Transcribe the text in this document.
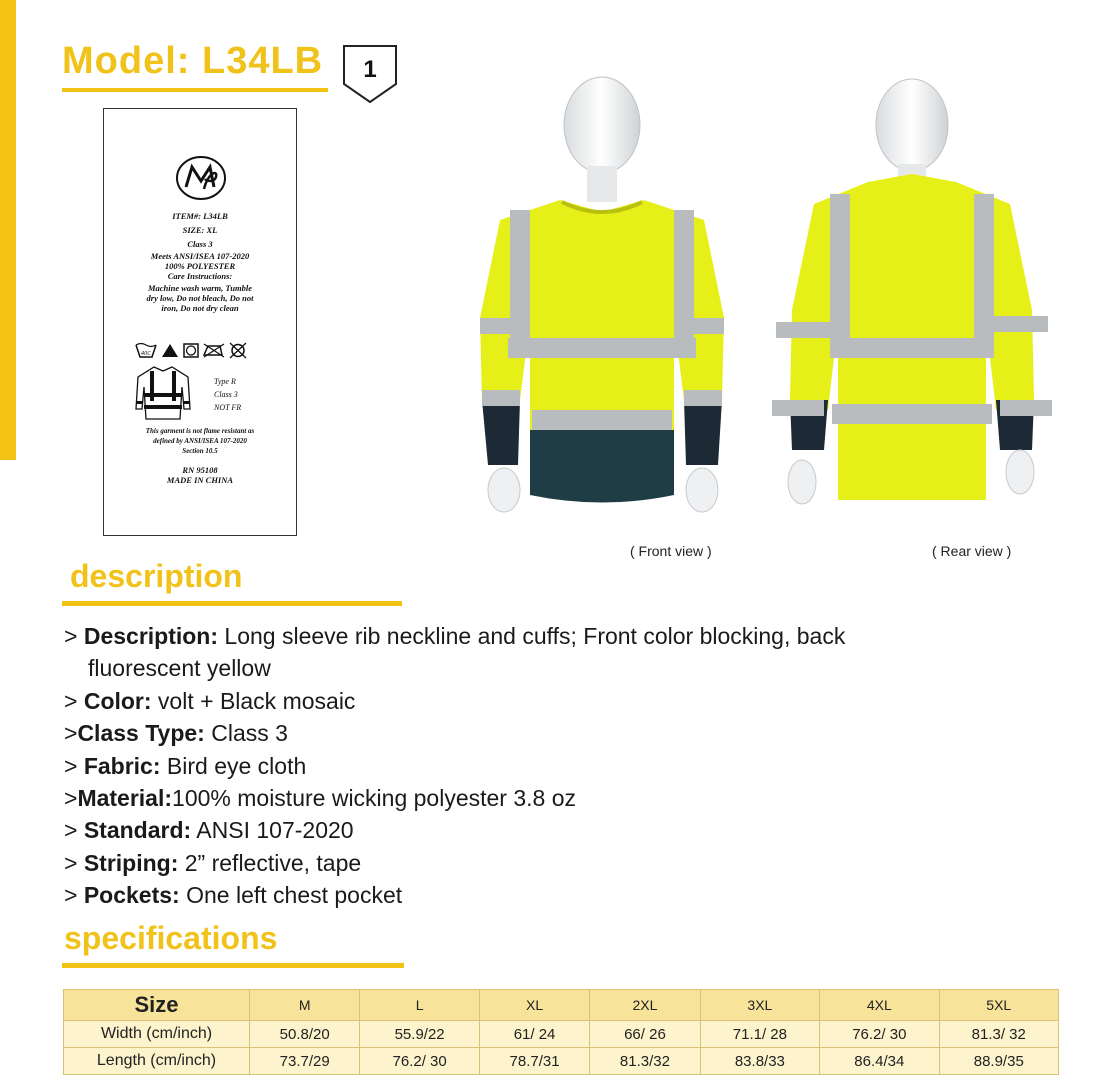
Model: L34LB	1
ITEM#: L34LB
SIZE: XL
Class 3
Meets ANSI/ISEA 107-2020
100% POLYESTER
Care Instructions:
Machine wash warm, Tumble
dry low, Do not bleach, Do not
iron, Do not dry clean
40C
Type R
Class 3
NOT FR
This garment is not flame resistant as
defined by ANSI/ISEA 107-2020
Section 10.5
RN 95108
MADE IN CHINA
( Front view )	( Rear view )
description
> Description: Long sleeve rib neckline and cuffs; Front color blocking, back
fluorescent yellow
> Color: volt + Black mosaic
>Class Type: Class 3
> Fabric: Bird eye cloth
>Material:100% moisture wicking polyester 3.8 oz
> Standard: ANSI 107-2020
> Striping: 2” reflective, tape
> Pockets: One left chest pocket
specifications
Size	M	L	XL	2XL	3XL	4XL	5XL
Width (cm/inch)	50.8/20	55.9/22	61/ 24	66/ 26	71.1/ 28	76.2/ 30	81.3/ 32
Length (cm/inch)	73.7/29	76.2/ 30	78.7/31	81.3/32	83.8/33	86.4/34	88.9/35
